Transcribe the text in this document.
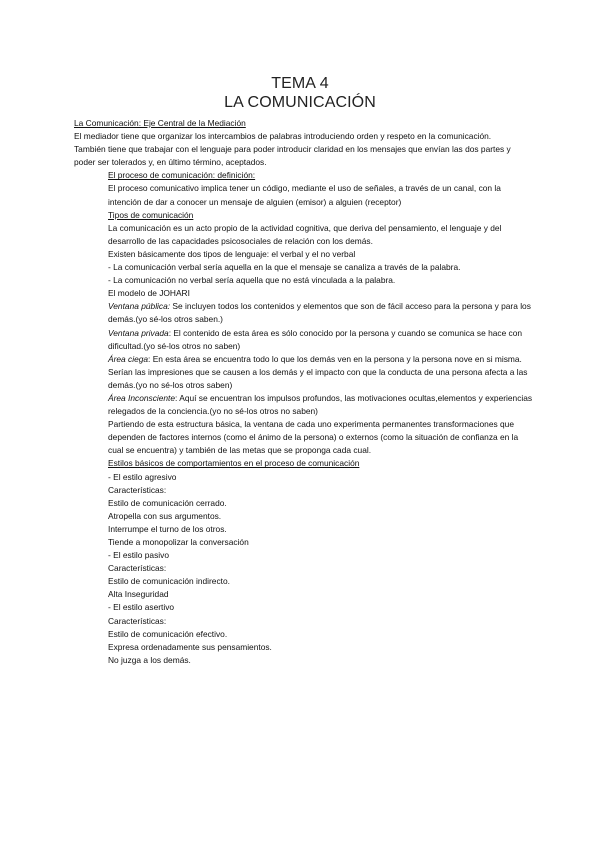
TEMA 4
LA COMUNICACIÓN

La Comunicación: Eje Central de la Mediación

El mediador tiene que organizar los intercambios de palabras introduciendo orden y respeto en la comunicación.

También tiene que trabajar con el lenguaje para poder introducir claridad en los mensajes que envían las dos partes y poder ser tolerados y, en último término, aceptados.

El proceso de comunicación: definición:

El proceso comunicativo implica tener un código, mediante el uso de señales, a través de un canal, con la intención de dar a conocer un mensaje de alguien (emisor) a alguien (receptor)

Tipos de comunicación

La comunicación es un acto propio de la actividad cognitiva, que deriva del pensamiento, el lenguaje y del desarrollo de las capacidades psicosociales de relación con los demás.

Existen básicamente dos tipos de lenguaje: el verbal y el no verbal

- La comunicación verbal sería aquella en la que el mensaje se canaliza a través de la palabra.

- La comunicación no verbal sería aquella que no está vinculada a la palabra.

El modelo de JOHARI

Ventana pública: Se incluyen todos los contenidos y elementos que son de fácil acceso para la persona y para los demás.(yo sé-los otros saben.)

Ventana privada: El contenido de esta área es sólo conocido por la persona y cuando se comunica se hace con dificultad.(yo sé-los otros no saben)

Área ciega: En esta área se encuentra todo lo que los demás ven en la persona y la persona nove en si misma. Serían las impresiones que se causen a los demás y el impacto con que la conducta de una persona afecta a las demás.(yo no sé-los otros saben)

Área Inconsciente: Aquí se encuentran los impulsos profundos, las motivaciones ocultas,elementos y experiencias relegados de la conciencia.(yo no sé-los otros no saben)

Partiendo de esta estructura básica, la ventana de cada uno experimenta permanentes transformaciones que dependen de factores internos (como el ánimo de la persona) o externos (como la situación de confianza en la cual se encuentra) y también de las metas que se proponga cada cual.

Estilos básicos de comportamientos en el proceso de comunicación

- El estilo agresivo

Características:

Estilo de comunicación cerrado.

Atropella con sus argumentos.

Interrumpe el turno de los otros.

Tiende a monopolizar la conversación

- El estilo pasivo

Características:

Estilo de comunicación indirecto.

Alta Inseguridad

- El estilo asertivo

Características:

Estilo de comunicación efectivo.

Expresa ordenadamente sus pensamientos.

No juzga a los demás.
